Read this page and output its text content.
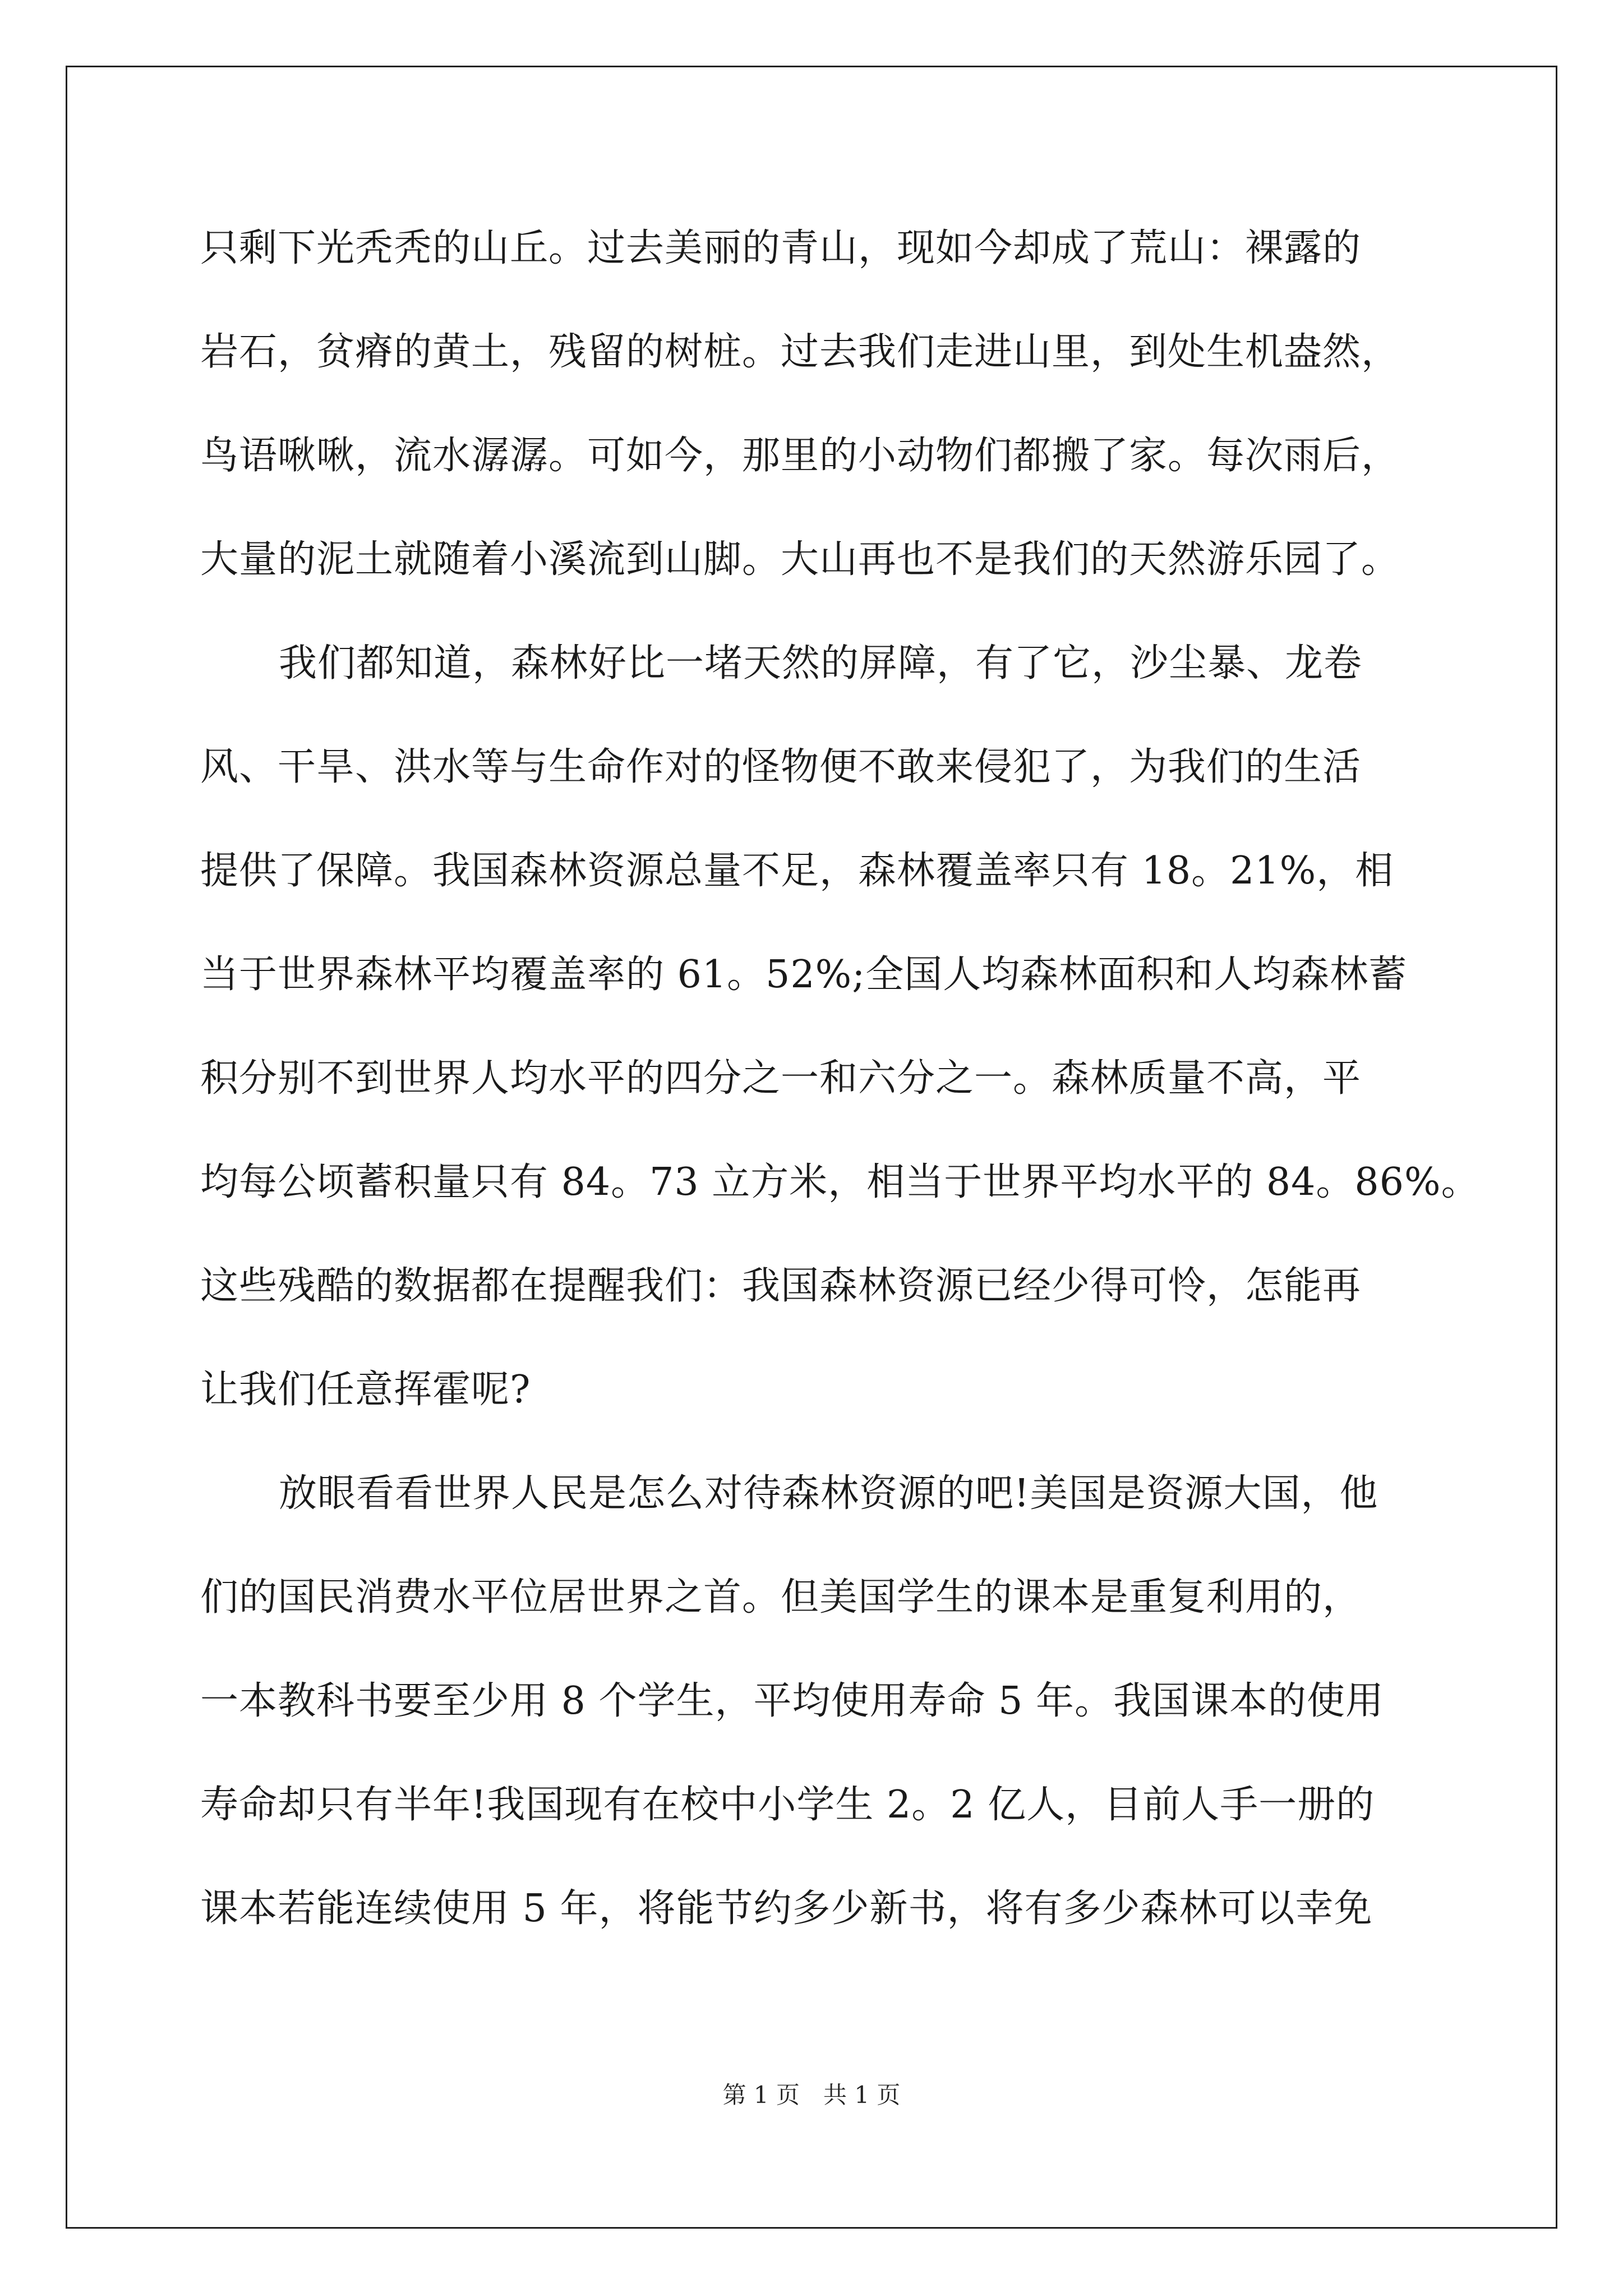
只剩下光秃秃的山丘。过去美丽的青山，现如今却成了荒山：裸露的
岩石，贫瘠的黄土，残留的树桩。过去我们走进山里，到处生机盎然，
鸟语啾啾，流水潺潺。可如今，那里的小动物们都搬了家。每次雨后，
大量的泥土就随着小溪流到山脚。大山再也不是我们的天然游乐园了。
我们都知道，森林好比一堵天然的屏障，有了它，沙尘暴、龙卷
风、干旱、洪水等与生命作对的怪物便不敢来侵犯了，为我们的生活
提供了保障。我国森林资源总量不足，森林覆盖率只有 18。21%，相
当于世界森林平均覆盖率的 61。52%;全国人均森林面积和人均森林蓄
积分别不到世界人均水平的四分之一和六分之一。森林质量不高，平
均每公顷蓄积量只有 84。73 立方米，相当于世界平均水平的 84。86%。
这些残酷的数据都在提醒我们：我国森林资源已经少得可怜，怎能再
让我们任意挥霍呢?
放眼看看世界人民是怎么对待森林资源的吧!美国是资源大国，他
们的国民消费水平位居世界之首。但美国学生的课本是重复利用的，
一本教科书要至少用 8 个学生，平均使用寿命 5 年。我国课本的使用
寿命却只有半年!我国现有在校中小学生 2。2 亿人，目前人手一册的
课本若能连续使用 5 年，将能节约多少新书，将有多少森林可以幸免
第 1 页　共 1 页
